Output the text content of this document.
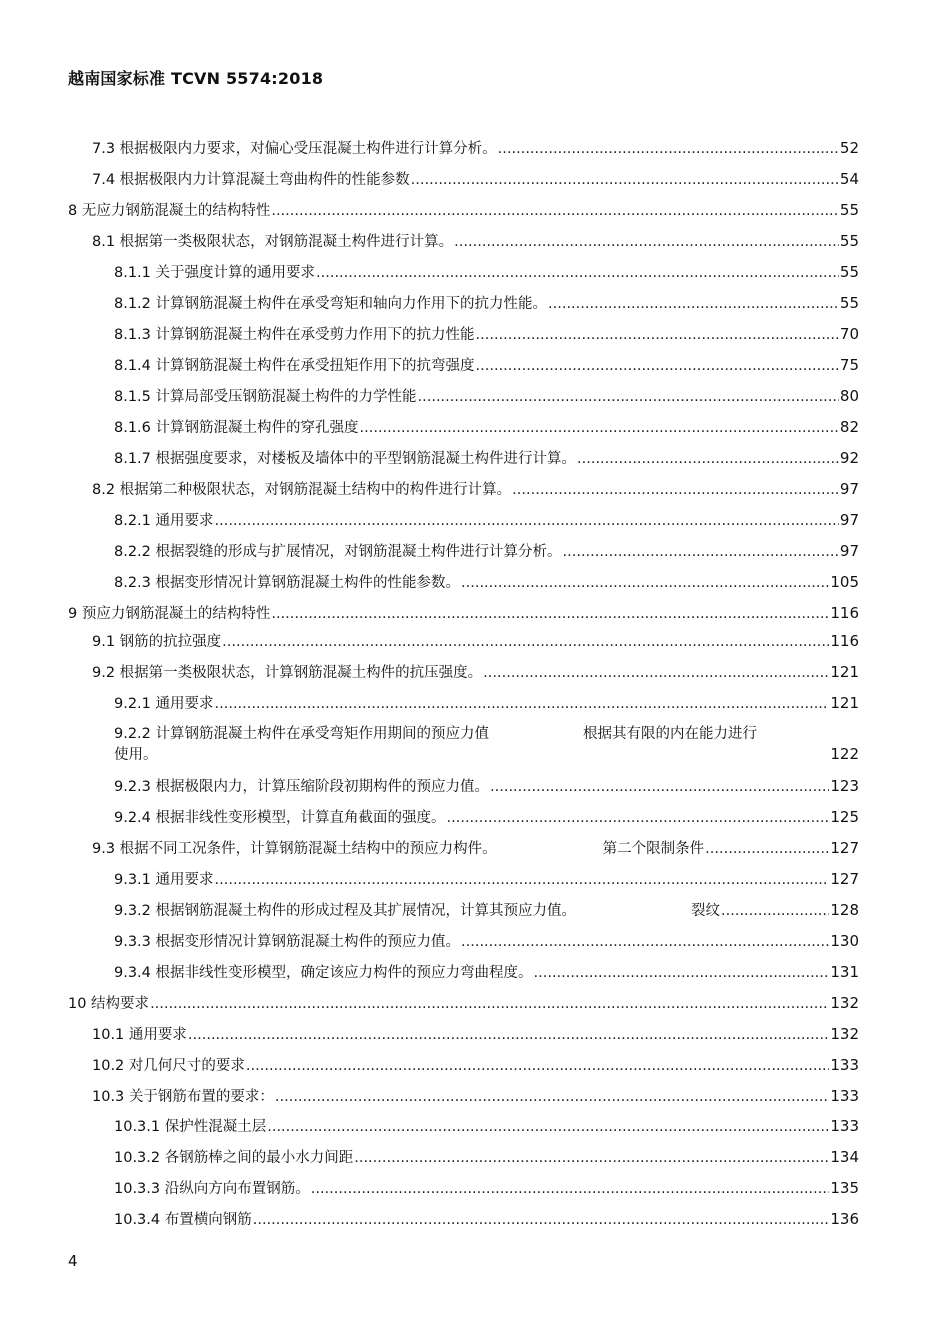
越南国家标准 TCVN 5574:2018
7.3 根据极限内力要求，对偏心受压混凝土构件进行计算分析。 .....	52
7.4 根据极限内力计算混凝土弯曲构件的性能参数 .....	54
8 无应力钢筋混凝土的结构特性 .....	55
8.1 根据第一类极限状态，对钢筋混凝土构件进行计算。 .....	55
8.1.1 关于强度计算的通用要求 .....	55
8.1.2 计算钢筋混凝土构件在承受弯矩和轴向力作用下的抗力性能。 .....	55
8.1.3 计算钢筋混凝土构件在承受剪力作用下的抗力性能 .....	70
8.1.4 计算钢筋混凝土构件在承受扭矩作用下的抗弯强度 .....	75
8.1.5 计算局部受压钢筋混凝土构件的力学性能 .....	80
8.1.6 计算钢筋混凝土构件的穿孔强度 .....	82
8.1.7 根据强度要求，对楼板及墙体中的平型钢筋混凝土构件进行计算。 .....	92
8.2 根据第二种极限状态，对钢筋混凝土结构中的构件进行计算。 .....	97
8.2.1 通用要求 .....	97
8.2.2 根据裂缝的形成与扩展情况，对钢筋混凝土构件进行计算分析。 .....	97
8.2.3 根据变形情况计算钢筋混凝土构件的性能参数。 .....	105
9 预应力钢筋混凝土的结构特性 .....	116
9.1 钢筋的抗拉强度 .....	116
9.2 根据第一类极限状态，计算钢筋混凝土构件的抗压强度。 .....	121
9.2.1 通用要求 .....	121
9.2.2 计算钢筋混凝土构件在承受弯矩作用期间的预应力值	根据其有限的内在能力进行
使用。	122
9.2.3 根据极限内力，计算压缩阶段初期构件的预应力值。 .....	123
9.2.4 根据非线性变形模型，计算直角截面的强度。 .....	125
9.3 根据不同工况条件，计算钢筋混凝土结构中的预应力构件。	第二个限制条件 .....	127
9.3.1 通用要求 .....	127
9.3.2 根据钢筋混凝土构件的形成过程及其扩展情况，计算其预应力值。	裂纹 .....	128
9.3.3 根据变形情况计算钢筋混凝土构件的预应力值。 .....	130
9.3.4 根据非线性变形模型，确定该应力构件的预应力弯曲程度。 .....	131
10 结构要求 .....	132
10.1 通用要求 .....	132
10.2 对几何尺寸的要求 .....	133
10.3 关于钢筋布置的要求： .....	133
10.3.1 保护性混凝土层 .....	133
10.3.2 各钢筋棒之间的最小水力间距 .....	134
10.3.3 沿纵向方向布置钢筋。 .....	135
10.3.4 布置横向钢筋 .....	136
4
